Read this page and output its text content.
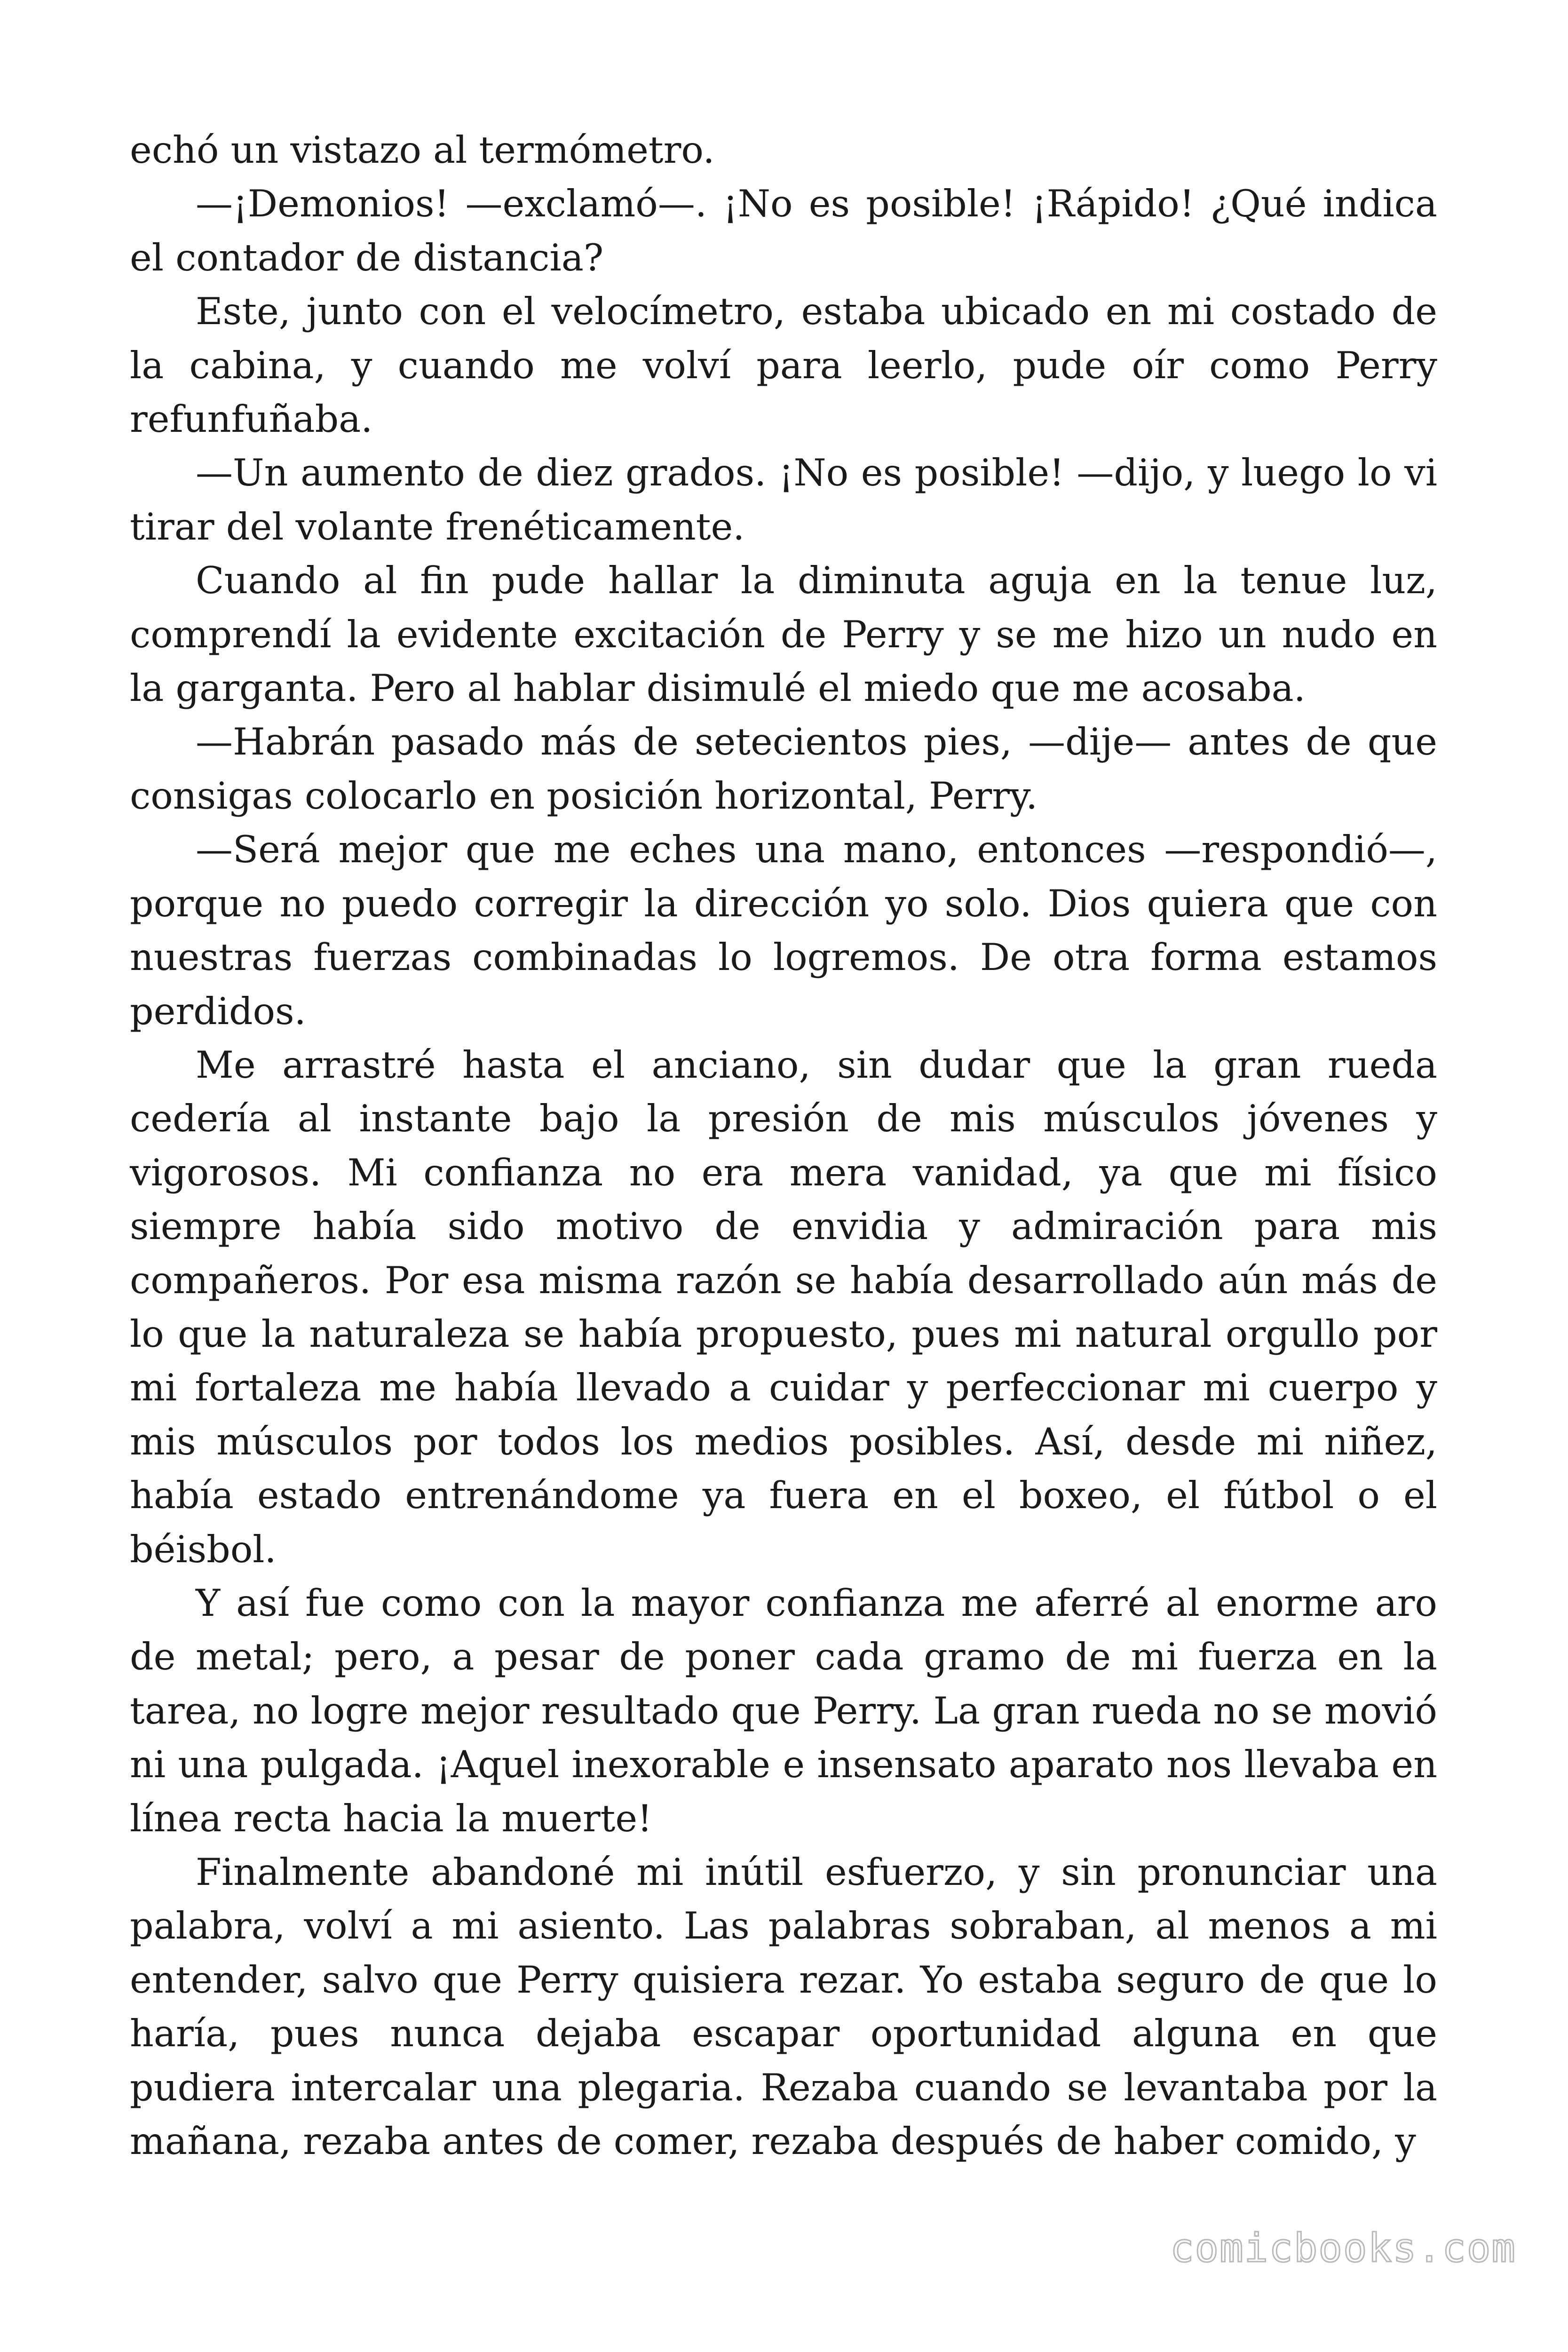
echó un vistazo al termómetro.

—¡Demonios! —exclamó—. ¡No es posible! ¡Rápido! ¿Qué indica el contador de distancia?

Este, junto con el velocímetro, estaba ubicado en mi costado de la cabina, y cuando me volví para leerlo, pude oír como Perry refunfuñaba.

—Un aumento de diez grados. ¡No es posible! —dijo, y luego lo vi tirar del volante frenéticamente.

Cuando al fin pude hallar la diminuta aguja en la tenue luz, comprendí la evidente excitación de Perry y se me hizo un nudo en la garganta. Pero al hablar disimulé el miedo que me acosaba.

—Habrán pasado más de setecientos pies, —dije— antes de que consigas colocarlo en posición horizontal, Perry.

—Será mejor que me eches una mano, entonces —respondió—, porque no puedo corregir la dirección yo solo. Dios quiera que con nuestras fuerzas combinadas lo logremos. De otra forma estamos perdidos.

Me arrastré hasta el anciano, sin dudar que la gran rueda cedería al instante bajo la presión de mis músculos jóvenes y vigorosos. Mi confianza no era mera vanidad, ya que mi físico siempre había sido motivo de envidia y admiración para mis compañeros. Por esa misma razón se había desarrollado aún más de lo que la naturaleza se había propuesto, pues mi natural orgullo por mi fortaleza me había llevado a cuidar y perfeccionar mi cuerpo y mis músculos por todos los medios posibles. Así, desde mi niñez, había estado entrenándome ya fuera en el boxeo, el fútbol o el béisbol.

Y así fue como con la mayor confianza me aferré al enorme aro de metal; pero, a pesar de poner cada gramo de mi fuerza en la tarea, no logre mejor resultado que Perry. La gran rueda no se movió ni una pulgada. ¡Aquel inexorable e insensato aparato nos llevaba en línea recta hacia la muerte!

Finalmente abandoné mi inútil esfuerzo, y sin pronunciar una palabra, volví a mi asiento. Las palabras sobraban, al menos a mi entender, salvo que Perry quisiera rezar. Yo estaba seguro de que lo haría, pues nunca dejaba escapar oportunidad alguna en que pudiera intercalar una plegaria. Rezaba cuando se levantaba por la mañana, rezaba antes de comer, rezaba después de haber comido, y

comicbooks.com
